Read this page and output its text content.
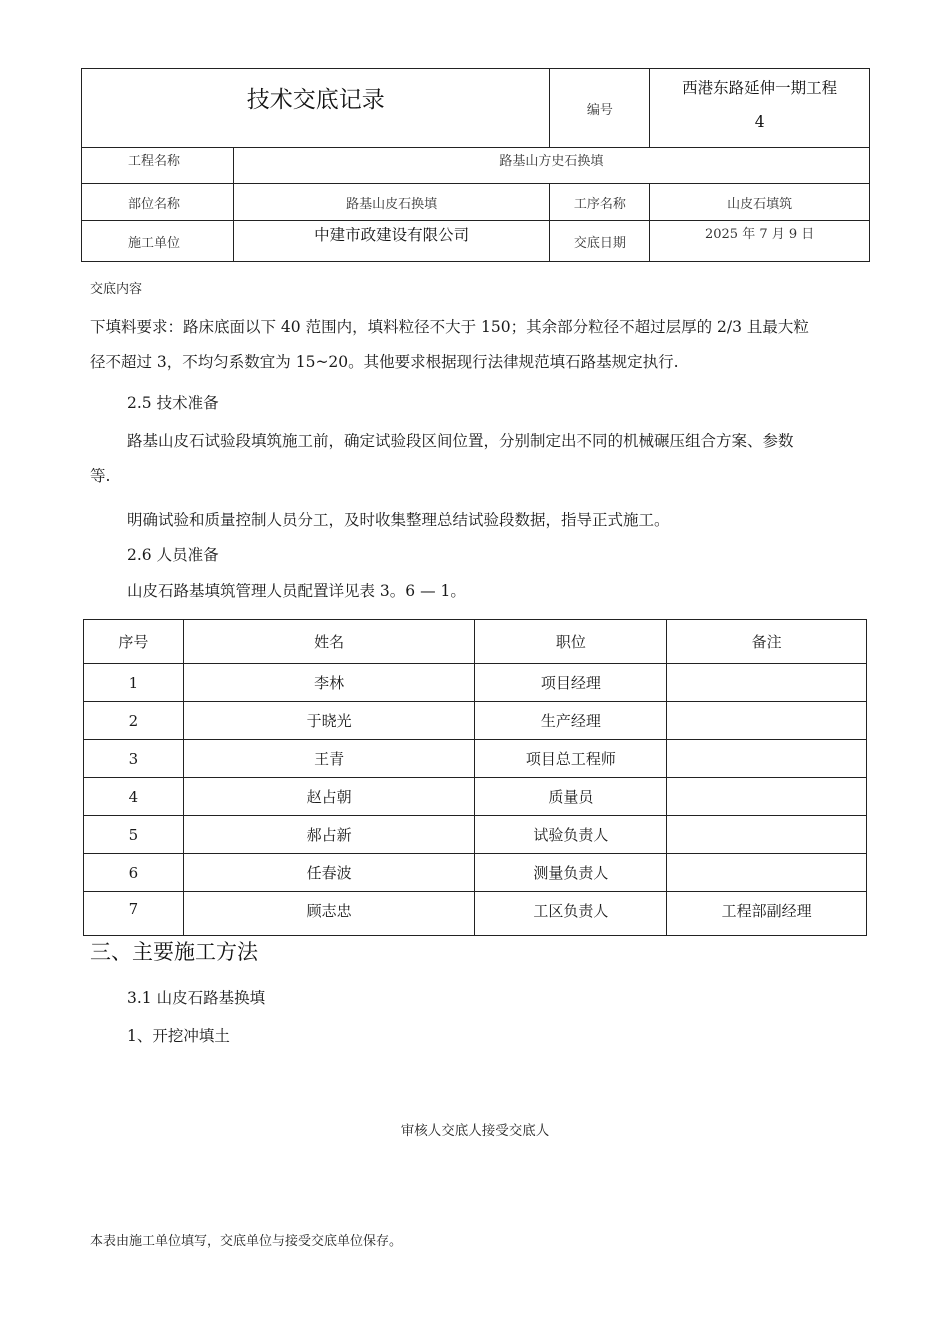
技术交底记录		编号	西港东路延伸一期工程
4

工程名称	路基山方史石换填		
部位名称	路基山皮石换填	工序名称	山皮石填筑
施工单位	中建市政建设有限公司	交底日期	2025 年 7 月 9 日
交底内容
下填料要求：路床底面以下 40 范围内，填料粒径不大于 150；其余部分粒径不超过层厚的 2/3 且最大粒
径不超过 3，不均匀系数宜为 15~20。其他要求根据现行法律规范填石路基规定执行.
2.5 技术准备
路基山皮石试验段填筑施工前，确定试验段区间位置，分别制定出不同的机械碾压组合方案、参数
等.
明确试验和质量控制人员分工，及时收集整理总结试验段数据，指导正式施工。
2.6 人员准备
山皮石路基填筑管理人员配置详见表 3。6 — 1。
序号	姓名	职位	备注
1	李林	项目经理	
2	于晓光	生产经理	
3	王青	项目总工程师	
4	赵占朝	质量员	
5	郝占新	试验负责人	
6	任春波	测量负责人	
7	顾志忠	工区负责人	工程部副经理
三、主要施工方法
3.1 山皮石路基换填
1、开挖冲填土
审核人交底人接受交底人
本表由施工单位填写，交底单位与接受交底单位保存。
